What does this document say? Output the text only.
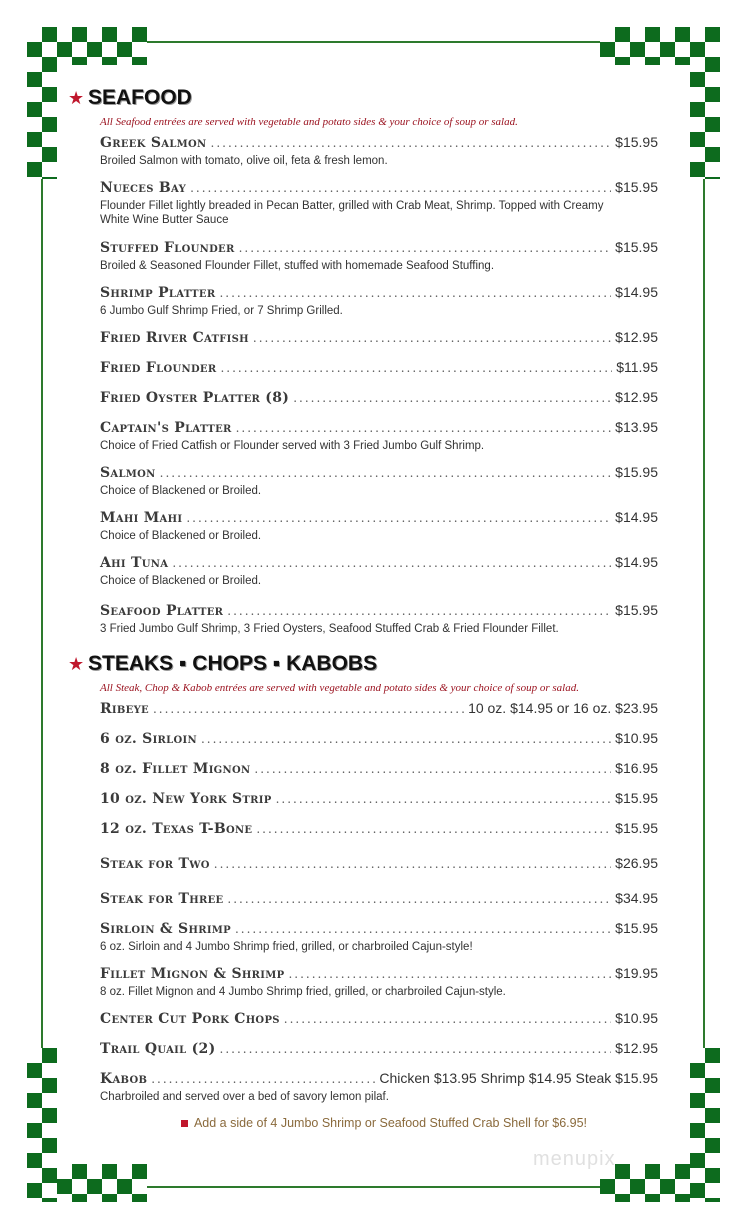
★ SEAFOOD
All Seafood entrées are served with vegetable and potato sides & your choice of soup or salad.
Greek Salmon .....	$15.95
Broiled Salmon with tomato, olive oil, feta & fresh lemon.
Nueces Bay .....	$15.95
Flounder Fillet lightly breaded in Pecan Batter, grilled with Crab Meat, Shrimp. Topped with Creamy White Wine Butter Sauce
Stuffed Flounder .....	$15.95
Broiled & Seasoned Flounder Fillet, stuffed with homemade Seafood Stuffing.
Shrimp Platter .....	$14.95
6 Jumbo Gulf Shrimp Fried, or 7 Shrimp Grilled.
Fried River Catfish .....	$12.95
Fried Flounder .....	$11.95
Fried Oyster Platter (8) .....	$12.95
Captain's Platter .....	$13.95
Choice of Fried Catfish or Flounder served with 3 Fried Jumbo Gulf Shrimp.
Salmon .....	$15.95
Choice of Blackened or Broiled.
Mahi Mahi .....	$14.95
Choice of Blackened or Broiled.
Ahi Tuna .....	$14.95
Choice of Blackened or Broiled.
Seafood Platter .....	$15.95
3 Fried Jumbo Gulf Shrimp, 3 Fried Oysters, Seafood Stuffed Crab & Fried Flounder Fillet.
★ STEAKS ▪ CHOPS ▪ KABOBS
All Steak, Chop & Kabob entrées are served with vegetable and potato sides & your choice of soup or salad.
Ribeye .....	10 oz. $14.95 or 16 oz. $23.95
6 oz. Sirloin .....	$10.95
8 oz. Fillet Mignon .....	$16.95
10 oz. New York Strip .....	$15.95
12 oz. Texas T-Bone .....	$15.95
Steak for Two .....	$26.95
Steak for Three .....	$34.95
Sirloin & Shrimp .....	$15.95
6 oz. Sirloin and 4 Jumbo Shrimp fried, grilled, or charbroiled Cajun-style!
Fillet Mignon & Shrimp .....	$19.95
8 oz. Fillet Mignon and 4 Jumbo Shrimp fried, grilled, or charbroiled Cajun-style.
Center Cut Pork Chops .....	$10.95
Trail Quail (2) .....	$12.95
Kabob .....	Chicken $13.95 Shrimp $14.95 Steak $15.95
Charbroiled and served over a bed of savory lemon pilaf.
Add a side of 4 Jumbo Shrimp or Seafood Stuffed Crab Shell for $6.95!
menupix
